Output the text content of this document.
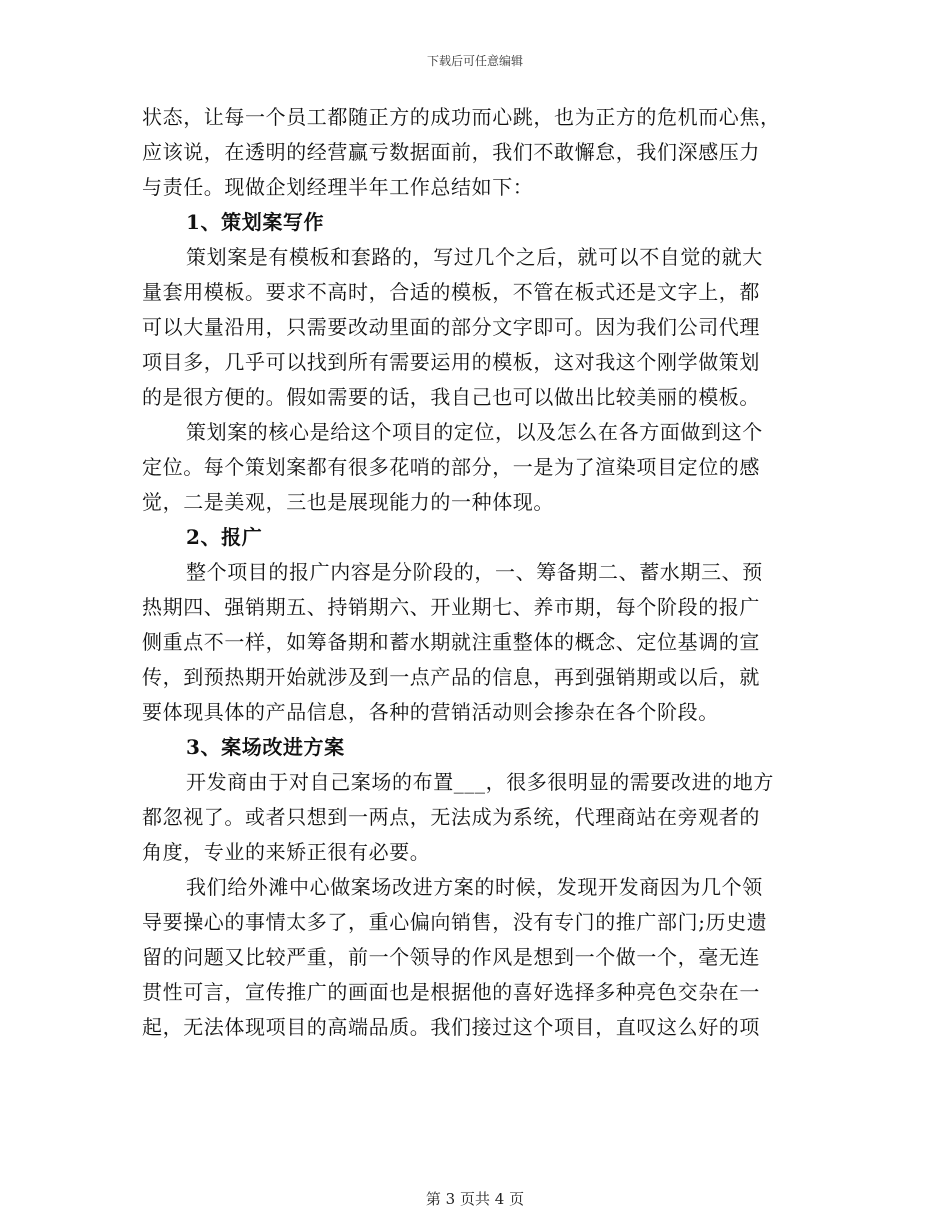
下载后可任意编辑
状态，让每一个员工都随正方的成功而心跳，也为正方的危机而心焦，
应该说，在透明的经营赢亏数据面前，我们不敢懈怠，我们深感压力
与责任。现做企划经理半年工作总结如下：
1、策划案写作
策划案是有模板和套路的，写过几个之后，就可以不自觉的就大
量套用模板。要求不高时，合适的模板，不管在板式还是文字上，都
可以大量沿用，只需要改动里面的部分文字即可。因为我们公司代理
项目多，几乎可以找到所有需要运用的模板，这对我这个刚学做策划
的是很方便的。假如需要的话，我自己也可以做出比较美丽的模板。
策划案的核心是给这个项目的定位，以及怎么在各方面做到这个
定位。每个策划案都有很多花哨的部分，一是为了渲染项目定位的感
觉，二是美观，三也是展现能力的一种体现。
2、报广
整个项目的报广内容是分阶段的，一、筹备期二、蓄水期三、预
热期四、强销期五、持销期六、开业期七、养市期，每个阶段的报广
侧重点不一样，如筹备期和蓄水期就注重整体的概念、定位基调的宣
传，到预热期开始就涉及到一点产品的信息，再到强销期或以后，就
要体现具体的产品信息，各种的营销活动则会掺杂在各个阶段。
3、案场改进方案
开发商由于对自己案场的布置___，很多很明显的需要改进的地方
都忽视了。或者只想到一两点，无法成为系统，代理商站在旁观者的
角度，专业的来矫正很有必要。
我们给外滩中心做案场改进方案的时候，发现开发商因为几个领
导要操心的事情太多了，重心偏向销售，没有专门的推广部门;历史遗
留的问题又比较严重，前一个领导的作风是想到一个做一个，毫无连
贯性可言，宣传推广的画面也是根据他的喜好选择多种亮色交杂在一
起，无法体现项目的高端品质。我们接过这个项目，直叹这么好的项
第 3 页共 4 页
